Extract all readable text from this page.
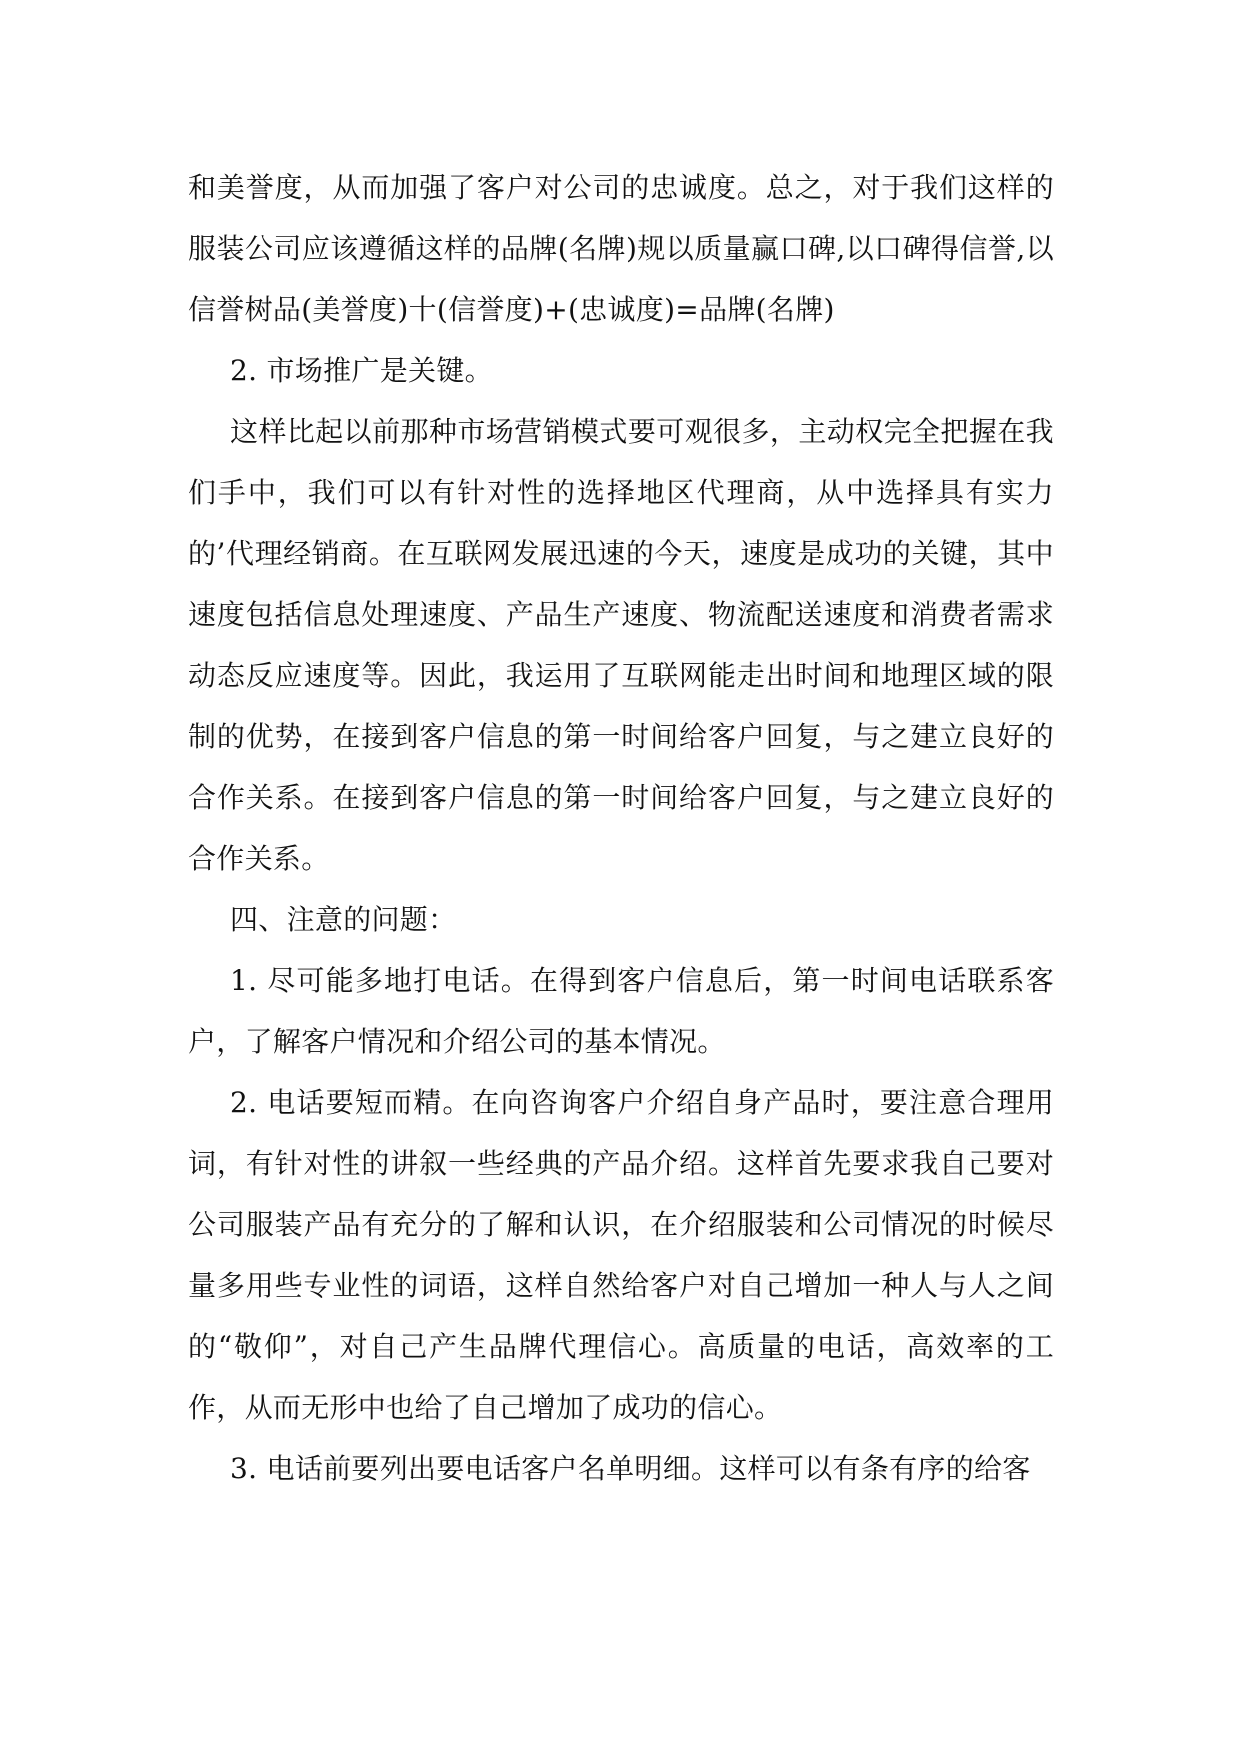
和美誉度，从而加强了客户对公司的忠诚度。总之，对于我们这样的服装公司应该遵循这样的品牌(名牌)规以质量赢口碑,以口碑得信誉,以信誉树品(美誉度)十(信誉度)+(忠诚度)=品牌(名牌)

2. 市场推广是关键。

这样比起以前那种市场营销模式要可观很多，主动权完全把握在我们手中，我们可以有针对性的选择地区代理商，从中选择具有实力的’代理经销商。在互联网发展迅速的今天，速度是成功的关键，其中速度包括信息处理速度、产品生产速度、物流配送速度和消费者需求动态反应速度等。因此，我运用了互联网能走出时间和地理区域的限制的优势，在接到客户信息的第一时间给客户回复，与之建立良好的合作关系。在接到客户信息的第一时间给客户回复，与之建立良好的合作关系。

四、注意的问题：

1. 尽可能多地打电话。在得到客户信息后，第一时间电话联系客户，了解客户情况和介绍公司的基本情况。

2. 电话要短而精。在向咨询客户介绍自身产品时，要注意合理用词，有针对性的讲叙一些经典的产品介绍。这样首先要求我自己要对公司服装产品有充分的了解和认识，在介绍服装和公司情况的时候尽量多用些专业性的词语，这样自然给客户对自己增加一种人与人之间的“敬仰”，对自己产生品牌代理信心。高质量的电话，高效率的工作，从而无形中也给了自己增加了成功的信心。

3. 电话前要列出要电话客户名单明细。这样可以有条有序的给客
